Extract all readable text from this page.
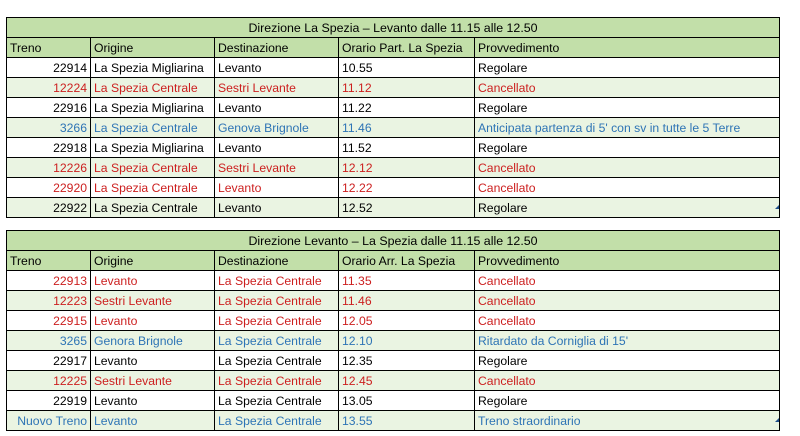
Direzione La Spezia – Levanto dalle 11.15 alle 12.50				
Treno	Origine	Destinazione	Orario Part. La Spezia	Provvedimento
22914	La Spezia Migliarina	Levanto	10.55	Regolare
12224	La Spezia Centrale	Sestri Levante	11.12	Cancellato
22916	La Spezia Migliarina	Levanto	11.22	Regolare
3266	La Spezia Centrale	Genova Brignole	11.46	Anticipata partenza di 5' con sv in tutte le 5 Terre
22918	La Spezia Migliarina	Levanto	11.52	Regolare
12226	La Spezia Centrale	Sestri Levante	12.12	Cancellato
22920	La Spezia Centrale	Levanto	12.22	Cancellato
22922	La Spezia Centrale	Levanto	12.52	Regolare
Direzione Levanto – La Spezia dalle 11.15 alle 12.50				
Treno	Origine	Destinazione	Orario Arr. La Spezia	Provvedimento
22913	Levanto	La Spezia Centrale	11.35	Cancellato
12223	Sestri Levante	La Spezia Centrale	11.46	Cancellato
22915	Levanto	La Spezia Centrale	12.05	Cancellato
3265	Genora Brignole	La Spezia Centrale	12.10	Ritardato da Corniglia di 15'
22917	Levanto	La Spezia Centrale	12.35	Regolare
12225	Sestri Levante	La Spezia Centrale	12.45	Cancellato
22919	Levanto	La Spezia Centrale	13.05	Regolare
Nuovo Treno	Levanto	La Spezia Centrale	13.55	Treno straordinario
